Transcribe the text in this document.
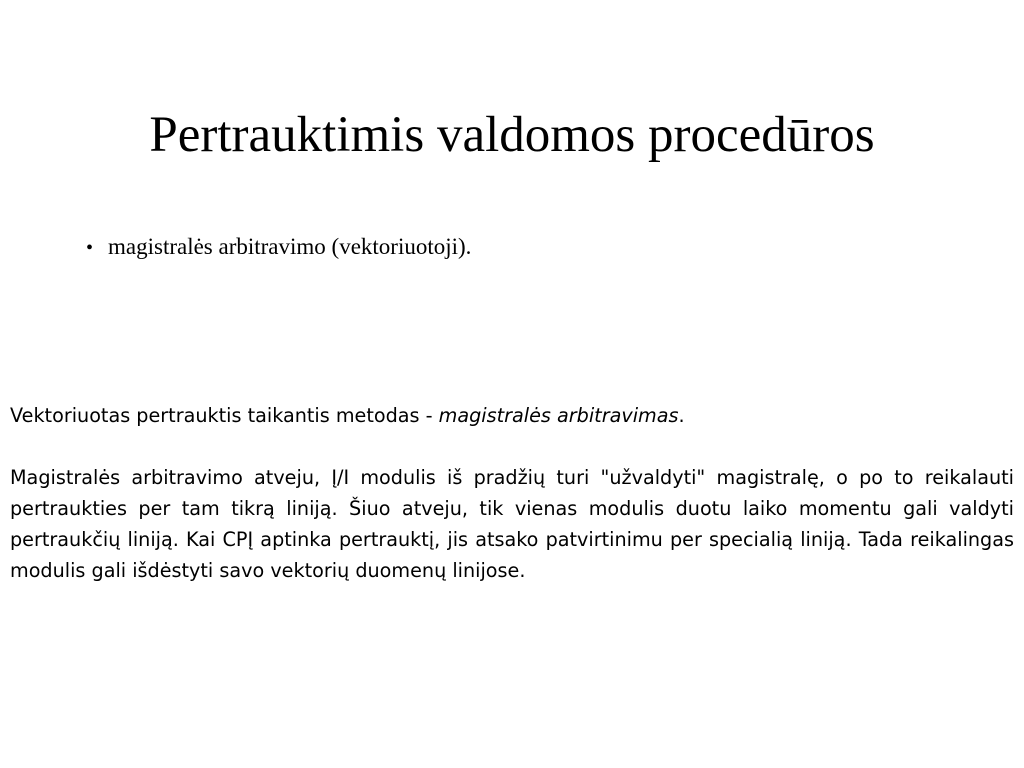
Pertrauktimis valdomos procedūros
• magistralės arbitravimo (vektoriuotoji).

Vektoriuotas pertrauktis taikantis metodas - magistralės arbitravimas.

Magistralės arbitravimo atveju, Į/I modulis iš pradžių turi "užvaldyti" magistralę, o po to reikalauti pertraukties per tam tikrą liniją. Šiuo atveju, tik vienas modulis duotu laiko momentu gali valdyti pertraukčių liniją. Kai CPĮ aptinka pertrauktį, jis atsako patvirtinimu per specialią liniją. Tada reikalingas modulis gali išdėstyti savo vektorių duomenų linijose.
